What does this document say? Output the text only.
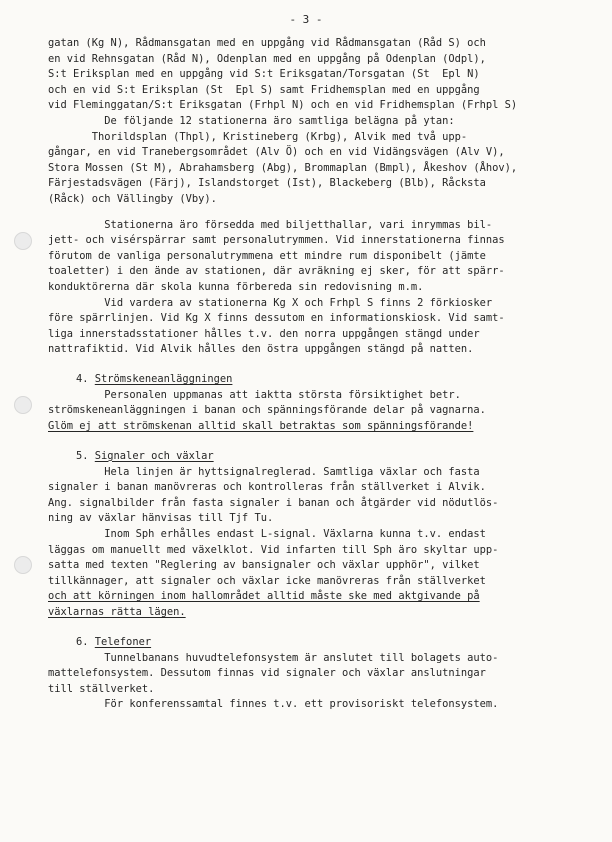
- 3 -
gatan (Kg N), Rådmansgatan med en uppgång vid Rådmansgatan (Råd S) och
en vid Rehnsgatan (Råd N), Odenplan med en uppgång på Odenplan (Odpl),
S:t Eriksplan med en uppgång vid S:t Eriksgatan/Torsgatan (St  Epl N)
och en vid S:t Eriksplan (St  Epl S) samt Fridhemsplan med en uppgång
vid Fleminggatan/S:t Eriksgatan (Frhpl N) och en vid Fridhemsplan (Frhpl S)
De följande 12 stationerna äro samtliga belägna på ytan:
Thorildsplan (Thpl), Kristineberg (Krbg), Alvik med två upp-
gångar, en vid Tranebergsområdet (Alv Ö) och en vid Vidängsvägen (Alv V),
Stora Mossen (St M), Abrahamsberg (Abg), Brommaplan (Bmpl), Åkeshov (Åhov),
Färjestadsvägen (Färj), Islandstorget (Ist), Blackeberg (Blb), Råcksta
(Råck) och Vällingby (Vby).
Stationerna äro försedda med biljetthallar, vari inrymmas bil-
jett- och visérspärrar samt personalutrymmen. Vid innerstationerna finnas
förutom de vanliga personalutrymmena ett mindre rum disponibelt (jämte
toaletter) i den ände av stationen, där avräkning ej sker, för att spärr-
konduktörerna där skola kunna förbereda sin redovisning m.m.
Vid vardera av stationerna Kg X och Frhpl S finns 2 förkiosker
före spärrlinjen. Vid Kg X finns dessutom en informationskiosk. Vid samt-
liga innerstadsstationer hålles t.v. den norra uppgången stängd under
nattrafiktid. Vid Alvik hålles den östra uppgången stängd på natten.
4. Strömskeneanläggningen
Personalen uppmanas att iaktta största försiktighet betr.
strömskeneanläggningen i banan och spänningsförande delar på vagnarna.
Glöm ej att strömskenan alltid skall betraktas som spänningsförande!
5. Signaler och växlar
Hela linjen är hyttsignalreglerad. Samtliga växlar och fasta
signaler i banan manövreras och kontrolleras från ställverket i Alvik.
Ang. signalbilder från fasta signaler i banan och åtgärder vid nödutlös-
ning av växlar hänvisas till Tjf Tu.
Inom Sph erhålles endast L-signal. Växlarna kunna t.v. endast
läggas om manuellt med växelklot. Vid infarten till Sph äro skyltar upp-
satta med texten "Reglering av bansignaler och växlar upphör", vilket
tillkännager, att signaler och växlar icke manövreras från ställverket
och att körningen inom hallområdet alltid måste ske med aktgivande på
växlarnas rätta lägen.
6. Telefoner
Tunnelbanans huvudtelefonsystem är anslutet till bolagets auto-
mattelefonsystem. Dessutom finnas vid signaler och växlar anslutningar
till ställverket.
För konferenssamtal finnes t.v. ett provisoriskt telefonsystem.
